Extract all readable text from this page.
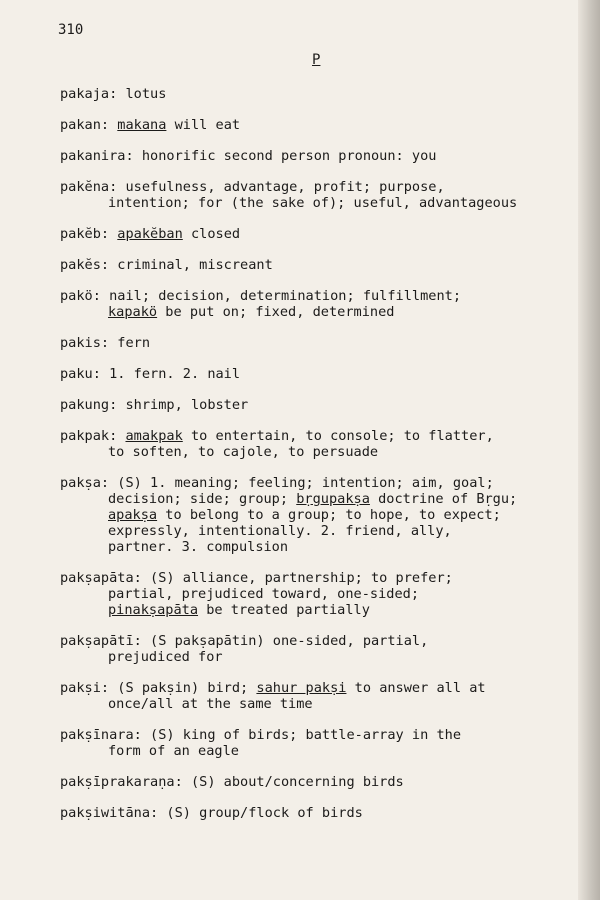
310
P
pakaja: lotus
pakan: makana will eat
pakanira: honorific second person pronoun: you
pakĕna: usefulness, advantage, profit; purpose,
intention; for (the sake of); useful, advantageous
pakĕb: apakĕban closed
pakĕs: criminal, miscreant
pakö: nail; decision, determination; fulfillment;
kapakö be put on; fixed, determined
pakis: fern
paku: 1. fern. 2. nail
pakung: shrimp, lobster
pakpak: amakpak to entertain, to console; to flatter,
to soften, to cajole, to persuade
pakṣa: (S) 1. meaning; feeling; intention; aim, goal;
decision; side; group; bṛgupakṣa doctrine of Bṛgu;
apakṣa to belong to a group; to hope, to expect;
expressly, intentionally. 2. friend, ally,
partner. 3. compulsion
pakṣapāta: (S) alliance, partnership; to prefer;
partial, prejudiced toward, one-sided;
pinakṣapāta be treated partially
pakṣapātī: (S pakṣapātin) one-sided, partial,
prejudiced for
pakṣi: (S pakṣin) bird; sahur pakṣi to answer all at
once/all at the same time
pakṣīnara: (S) king of birds; battle-array in the
form of an eagle
pakṣīprakaraṇa: (S) about/concerning birds
pakṣiwitāna: (S) group/flock of birds
